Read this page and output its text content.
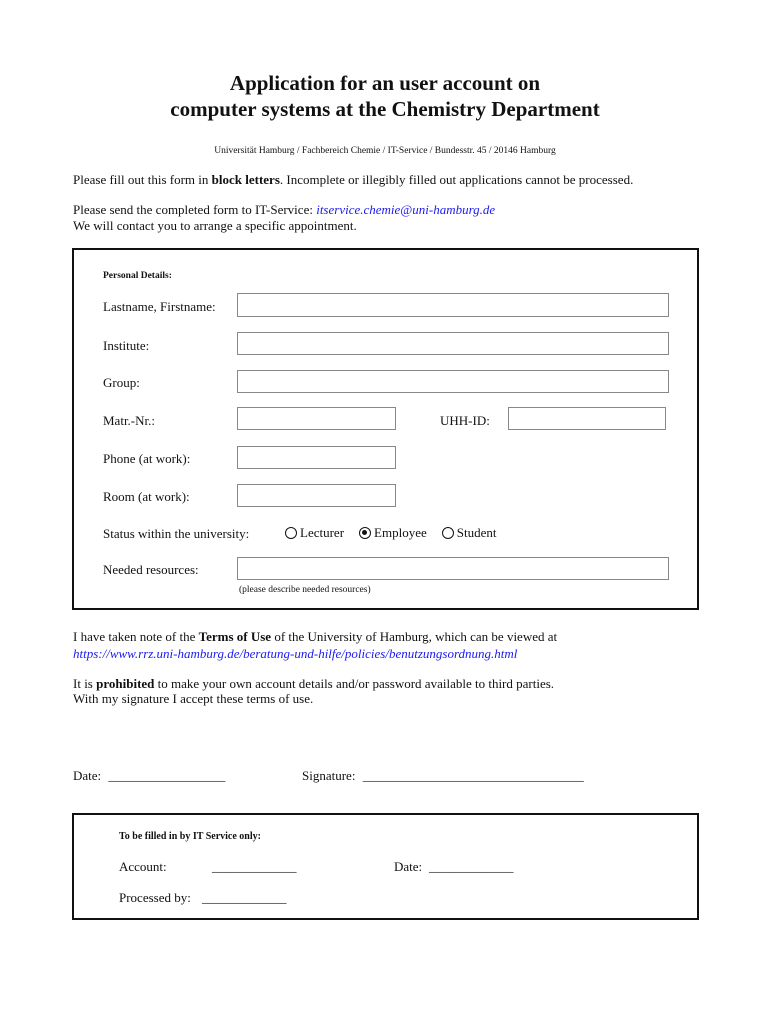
Application for an user account on
computer systems at the Chemistry Department
Universität Hamburg / Fachbereich Chemie / IT-Service / Bundesstr. 45 / 20146 Hamburg
Please fill out this form in block letters. Incomplete or illegibly filled out applications cannot be processed.
Please send the completed form to IT-Service: itservice.chemie@uni-hamburg.de
We will contact you to arrange a specific appointment.
Personal Details:
Lastname, Firstname:
Institute:
Group:
Matr.-Nr.:	UHH-ID:
Phone (at work):
Room (at work):
Status within the university:	Lecturer Employee Student
Needed resources:
(please describe needed resources)
I have taken note of the Terms of Use of the University of Hamburg, which can be viewed at
https://www.rrz.uni-hamburg.de/beratung-und-hilfe/policies/benutzungsordnung.html
It is prohibited to make your own account details and/or password available to third parties.
With my signature I accept these terms of use.
Date: __________________	Signature: __________________________________
To be filled in by IT Service only:
Account:	_____________	Date: _____________
Processed by: _____________
